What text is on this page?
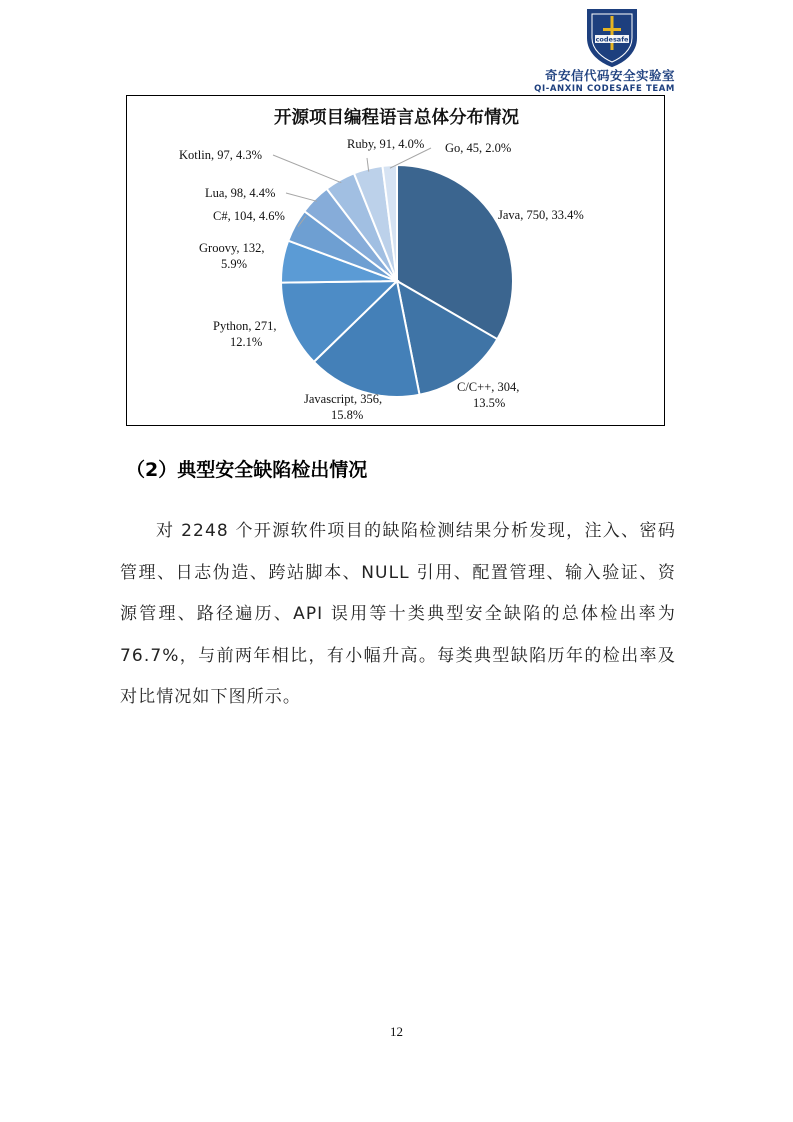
codesafe
奇安信代码安全实验室
QI-ANXIN CODESAFE TEAM
开源项目编程语言总体分布情况
Java, 750, 33.4%
C/C++, 304,
13.5%
Javascript, 356,
15.8%
Python, 271,
12.1%
Groovy, 132,
5.9%
C#, 104, 4.6%
Lua, 98, 4.4%
Kotlin, 97, 4.3%
Ruby, 91, 4.0% Go, 45, 2.0%
（2）典型安全缺陷检出情况
对 2248 个开源软件项目的缺陷检测结果分析发现，注入、密码管理、日志伪造、跨站脚本、NULL 引用、配置管理、输入验证、资源管理、路径遍历、API 误用等十类典型安全缺陷的总体检出率为 76.7%，与前两年相比，有小幅升高。每类典型缺陷历年的检出率及对比情况如下图所示。
12
